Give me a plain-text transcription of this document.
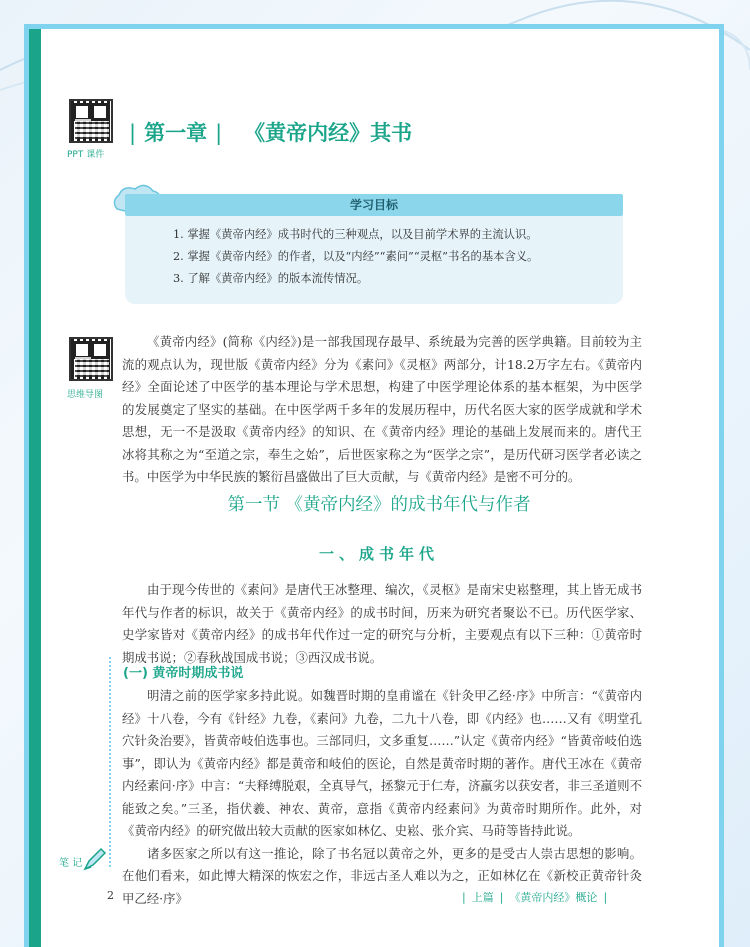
PPT 课件
| 第一章 | 《黄帝内经》其书
学习目标

1. 掌握《黄帝内经》成书时代的三种观点，以及目前学术界的主流认识。

2. 掌握《黄帝内经》的作者，以及“内经”“素问”“灵枢”书名的基本含义。

3. 了解《黄帝内经》的版本流传情况。

思维导图

《黄帝内经》(简称《内经》)是一部我国现存最早、系统最为完善的医学典籍。目前较为主流的观点认为，现世版《黄帝内经》分为《素问》《灵枢》两部分，计18.2万字左右。《黄帝内经》全面论述了中医学的基本理论与学术思想，构建了中医学理论体系的基本框架，为中医学的发展奠定了坚实的基础。在中医学两千多年的发展历程中，历代名医大家的医学成就和学术思想，无一不是汲取《黄帝内经》的知识、在《黄帝内经》理论的基础上发展而来的。唐代王冰将其称之为“至道之宗，奉生之始”，后世医家称之为“医学之宗”，是历代研习医学者必读之书。中医学为中华民族的繁衍昌盛做出了巨大贡献，与《黄帝内经》是密不可分的。

第一节 《黄帝内经》的成书年代与作者
一、成书年代

由于现今传世的《素问》是唐代王冰整理、编次，《灵枢》是南宋史崧整理，其上皆无成书年代与作者的标识，故关于《黄帝内经》的成书时间，历来为研究者聚讼不已。历代医学家、史学家皆对《黄帝内经》的成书年代作过一定的研究与分析，主要观点有以下三种：①黄帝时期成书说；②春秋战国成书说；③西汉成书说。

(一) 黄帝时期成书说

明清之前的医学家多持此说。如魏晋时期的皇甫谧在《针灸甲乙经·序》中所言：“《黄帝内经》十八卷，今有《针经》九卷，《素问》九卷，二九十八卷，即《内经》也……又有《明堂孔穴针灸治要》，皆黄帝岐伯选事也。三部同归，文多重复……”认定《黄帝内经》“皆黄帝岐伯选事”，即认为《黄帝内经》都是黄帝和岐伯的医论，自然是黄帝时期的著作。唐代王冰在《黄帝内经素问·序》中言：“夫释缚脱艰，全真导气，拯黎元于仁寿，济羸劣以获安者，非三圣道则不能致之矣。”三圣，指伏羲、神农、黄帝，意指《黄帝内经素问》为黄帝时期所作。此外，对《黄帝内经》的研究做出较大贡献的医家如林亿、史崧、张介宾、马莳等皆持此说。

诸多医家之所以有这一推论，除了书名冠以黄帝之外，更多的是受古人崇古思想的影响。在他们看来，如此博大精深的恢宏之作，非远古圣人难以为之，正如林亿在《新校正黄帝针灸甲乙经·序》

笔 记
2	| 上篇 | 《黄帝内经》概论 |
